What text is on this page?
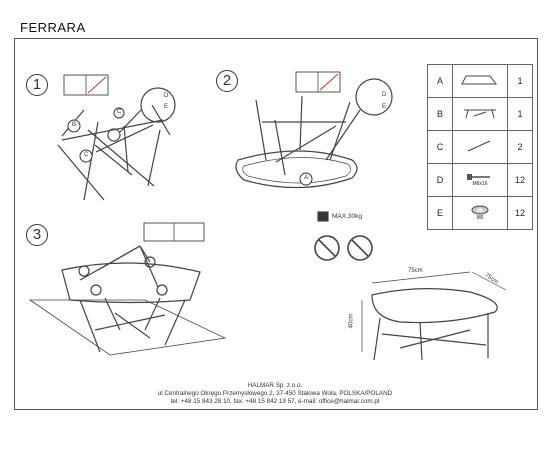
FERRARA
1	2
3
B
C
C
D
E
A
D
E
MAX.30kg
75cm
75cm
40cm
A		1
B		1
C		2
D	M6x16	12
E	M6	12
HALMAR Sp. z.o.o.
ul Centralnego Okręgu Przemysłowego 2, 37-450 Stalowa Wola, POLSKA/POLAND
tel: +48 15 843 28 10, fax: +48 15 842 19 57, e-mail: office@halmar.com.pl
